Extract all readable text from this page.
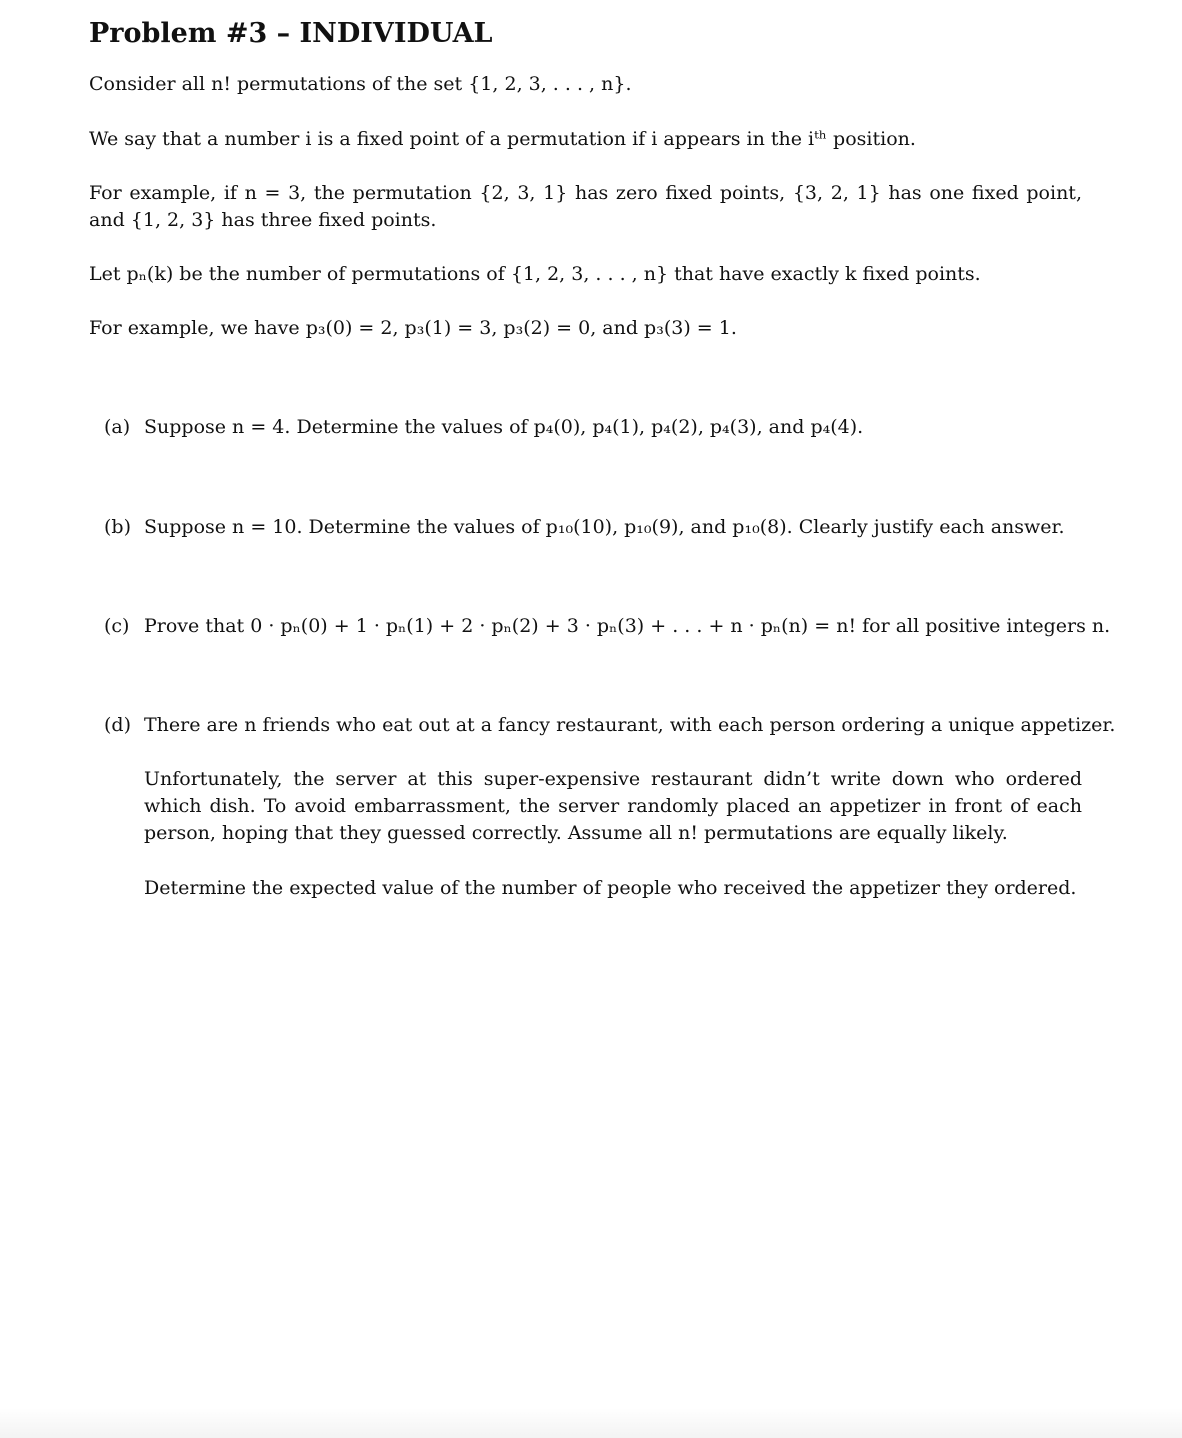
Problem #3 – INDIVIDUAL
Consider all n! permutations of the set {1, 2, 3, . . . , n}.
We say that a number i is a fixed point of a permutation if i appears in the iᵗʰ position.
For example, if n = 3, the permutation {2, 3, 1} has zero fixed points, {3, 2, 1} has one fixed point, and {1, 2, 3} has three fixed points.
Let pₙ(k) be the number of permutations of {1, 2, 3, . . . , n} that have exactly k fixed points.
For example, we have p₃(0) = 2, p₃(1) = 3, p₃(2) = 0, and p₃(3) = 1.
(a) Suppose n = 4. Determine the values of p₄(0), p₄(1), p₄(2), p₄(3), and p₄(4).
(b) Suppose n = 10. Determine the values of p₁₀(10), p₁₀(9), and p₁₀(8). Clearly justify each answer.
(c) Prove that 0 · pₙ(0) + 1 · pₙ(1) + 2 · pₙ(2) + 3 · pₙ(3) + . . . + n · pₙ(n) = n! for all positive integers n.
(d) There are n friends who eat out at a fancy restaurant, with each person ordering a unique appetizer.
Unfortunately, the server at this super-expensive restaurant didn’t write down who ordered which dish. To avoid embarrassment, the server randomly placed an appetizer in front of each person, hoping that they guessed correctly. Assume all n! permutations are equally likely.
Determine the expected value of the number of people who received the appetizer they ordered.
